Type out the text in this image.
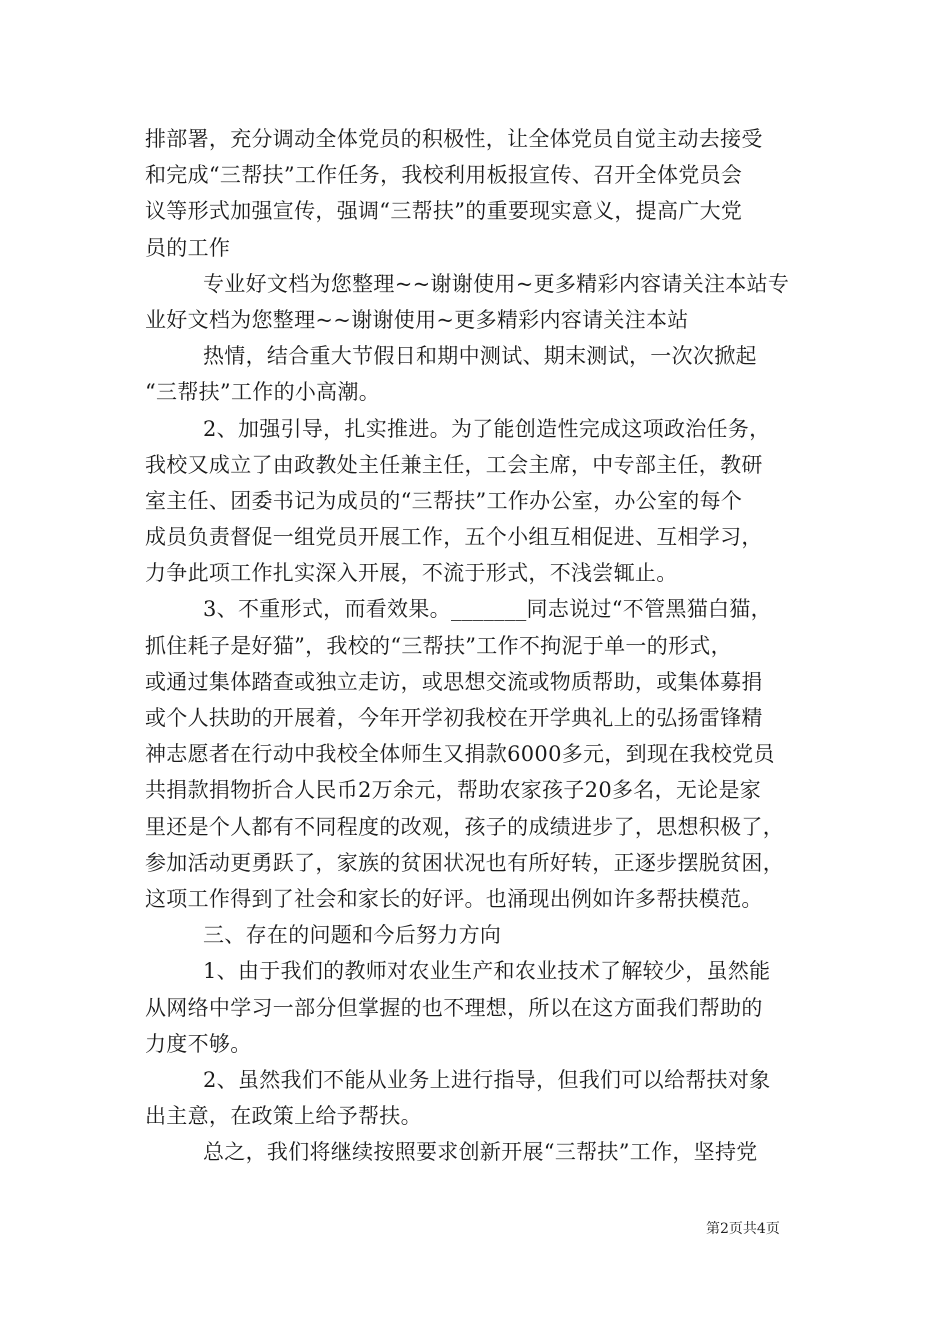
排部署，充分调动全体党员的积极性，让全体党员自觉主动去接受
和完成“三帮扶”工作任务，我校利用板报宣传、召开全体党员会
议等形式加强宣传，强调“三帮扶”的重要现实意义，提高广大党
员的工作
专业好文档为您整理~~谢谢使用~更多精彩内容请关注本站专
业好文档为您整理~~谢谢使用~更多精彩内容请关注本站
热情，结合重大节假日和期中测试、期末测试，一次次掀起
“三帮扶”工作的小高潮。
2、加强引导，扎实推进。为了能创造性完成这项政治任务，
我校又成立了由政教处主任兼主任，工会主席，中专部主任，教研
室主任、团委书记为成员的“三帮扶”工作办公室，办公室的每个
成员负责督促一组党员开展工作，五个小组互相促进、互相学习，
力争此项工作扎实深入开展，不流于形式，不浅尝辄止。
3、不重形式，而看效果。_______同志说过“不管黑猫白猫，
抓住耗子是好猫”，我校的“三帮扶”工作不拘泥于单一的形式，
或通过集体踏查或独立走访，或思想交流或物质帮助，或集体募捐
或个人扶助的开展着，今年开学初我校在开学典礼上的弘扬雷锋精
神志愿者在行动中我校全体师生又捐款6000多元，到现在我校党员
共捐款捐物折合人民币2万余元，帮助农家孩子20多名，无论是家
里还是个人都有不同程度的改观，孩子的成绩进步了，思想积极了，
参加活动更勇跃了，家族的贫困状况也有所好转，正逐步摆脱贫困，
这项工作得到了社会和家长的好评。也涌现出例如许多帮扶模范。
三、存在的问题和今后努力方向
1、由于我们的教师对农业生产和农业技术了解较少，虽然能
从网络中学习一部分但掌握的也不理想，所以在这方面我们帮助的
力度不够。
2、虽然我们不能从业务上进行指导，但我们可以给帮扶对象
出主意，在政策上给予帮扶。
总之，我们将继续按照要求创新开展“三帮扶”工作，坚持党
第2页共4页
